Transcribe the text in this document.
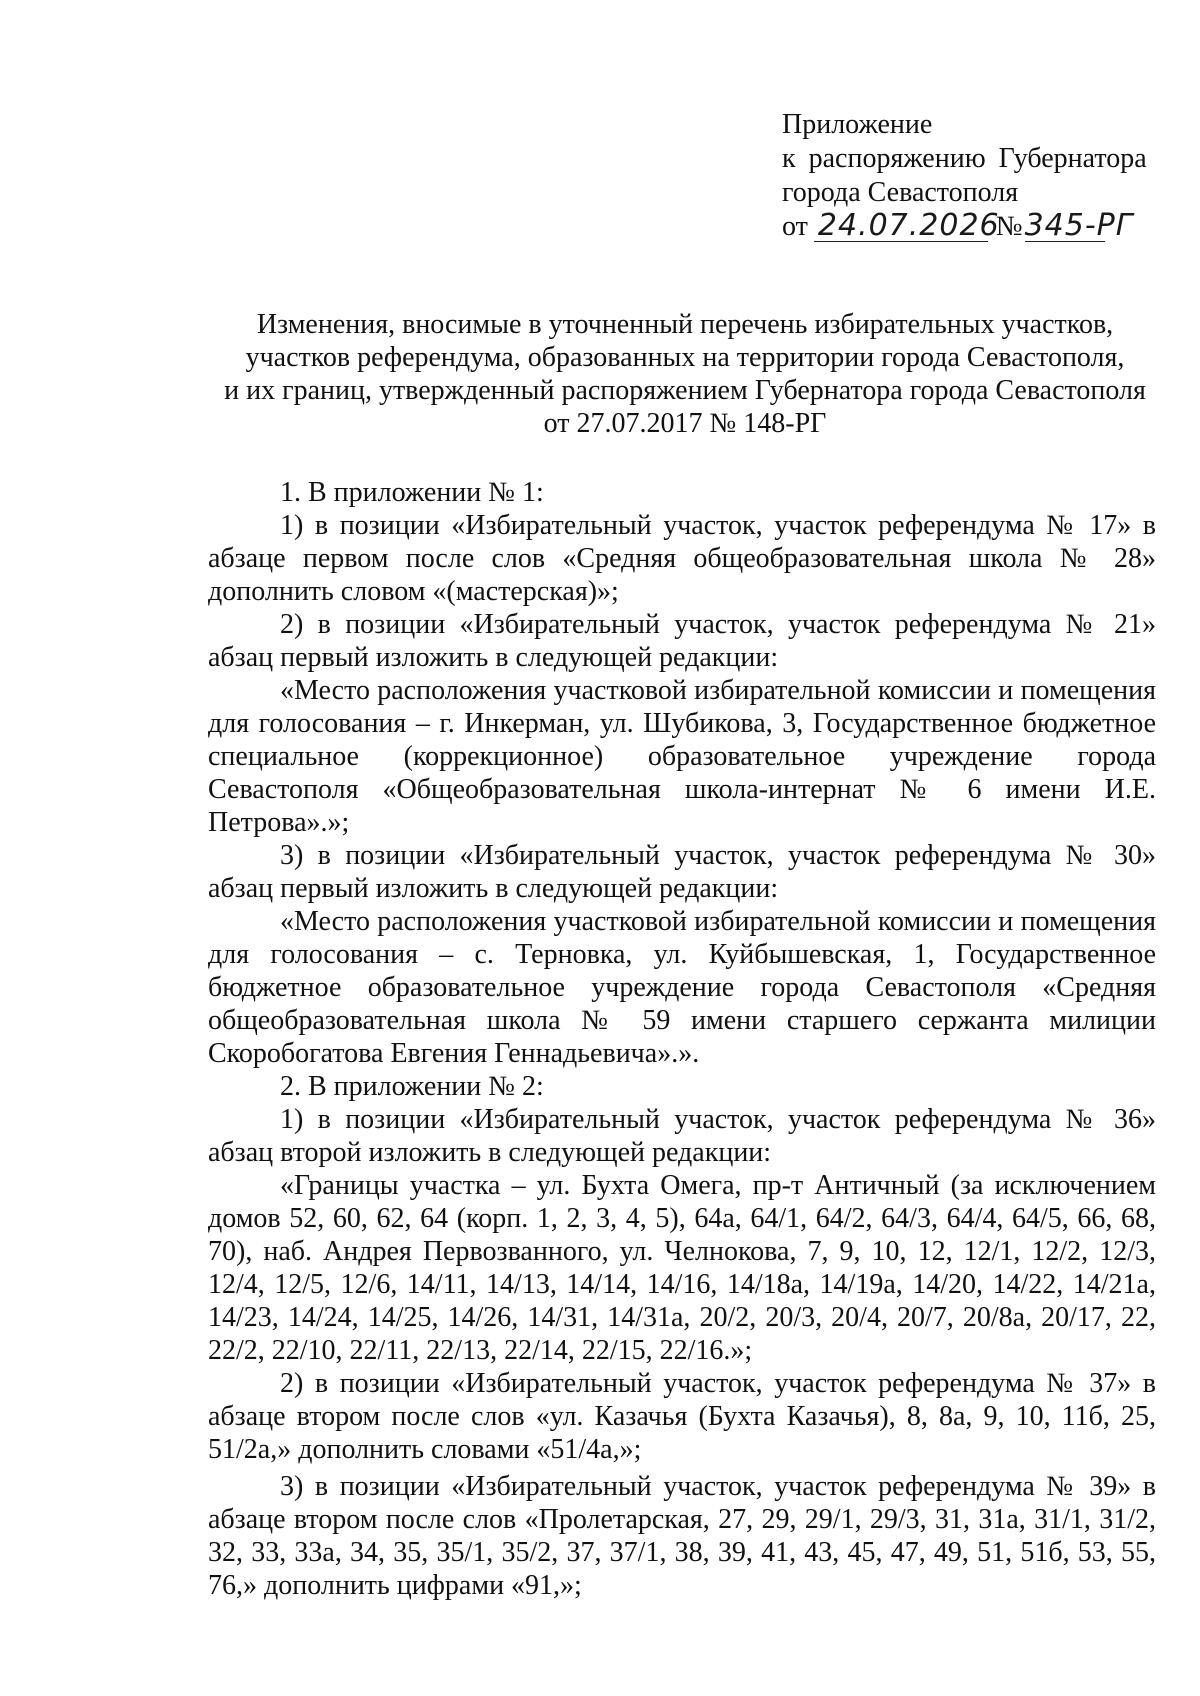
Приложение
к распоряжению Губернатора
города Севастополя
от 24.07.2026№345-РГ
Изменения, вносимые в уточненный перечень избирательных участков,
участков референдума, образованных на территории города Севастополя,
и их границ, утвержденный распоряжением Губернатора города Севастополя
от 27.07.2017 № 148-РГ

1. В приложении № 1:

1) в позиции «Избирательный участок, участок референдума № 17» в абзаце первом после слов «Средняя общеобразовательная школа № 28» дополнить словом «(мастерская)»;

2) в позиции «Избирательный участок, участок референдума № 21» абзац первый изложить в следующей редакции:

«Место расположения участковой избирательной комиссии и помещения для голосования – г. Инкерман, ул. Шубикова, 3, Государственное бюджетное специальное (коррекционное) образовательное учреждение города Севастополя «Общеобразовательная школа-интернат № 6 имени И.Е. Петрова».»;

3) в позиции «Избирательный участок, участок референдума № 30» абзац первый изложить в следующей редакции:

«Место расположения участковой избирательной комиссии и помещения для голосования – с. Терновка, ул. Куйбышевская, 1, Государственное бюджетное образовательное учреждение города Севастополя «Средняя общеобразовательная школа № 59 имени старшего сержанта милиции Скоробогатова Евгения Геннадьевича».».

2. В приложении № 2:

1) в позиции «Избирательный участок, участок референдума № 36» абзац второй изложить в следующей редакции:

«Границы участка – ул. Бухта Омега, пр-т Античный (за исключением домов 52, 60, 62, 64 (корп. 1, 2, 3, 4, 5), 64а, 64/1, 64/2, 64/3, 64/4, 64/5, 66, 68, 70), наб. Андрея Первозванного, ул. Челнокова, 7, 9, 10, 12, 12/1, 12/2, 12/3, 12/4, 12/5, 12/6, 14/11, 14/13, 14/14, 14/16, 14/18а, 14/19а, 14/20, 14/22, 14/21а, 14/23, 14/24, 14/25, 14/26, 14/31, 14/31а, 20/2, 20/3, 20/4, 20/7, 20/8а, 20/17, 22, 22/2, 22/10, 22/11, 22/13, 22/14, 22/15, 22/16.»;

2) в позиции «Избирательный участок, участок референдума № 37» в абзаце втором после слов «ул. Казачья (Бухта Казачья), 8, 8а, 9, 10, 11б, 25, 51/2а,» дополнить словами «51/4а,»;

3) в позиции «Избирательный участок, участок референдума № 39» в абзаце втором после слов «Пролетарская, 27, 29, 29/1, 29/3, 31, 31а, 31/1, 31/2, 32, 33, 33а, 34, 35, 35/1, 35/2, 37, 37/1, 38, 39, 41, 43, 45, 47, 49, 51, 51б, 53, 55, 76,» дополнить цифрами «91,»;
